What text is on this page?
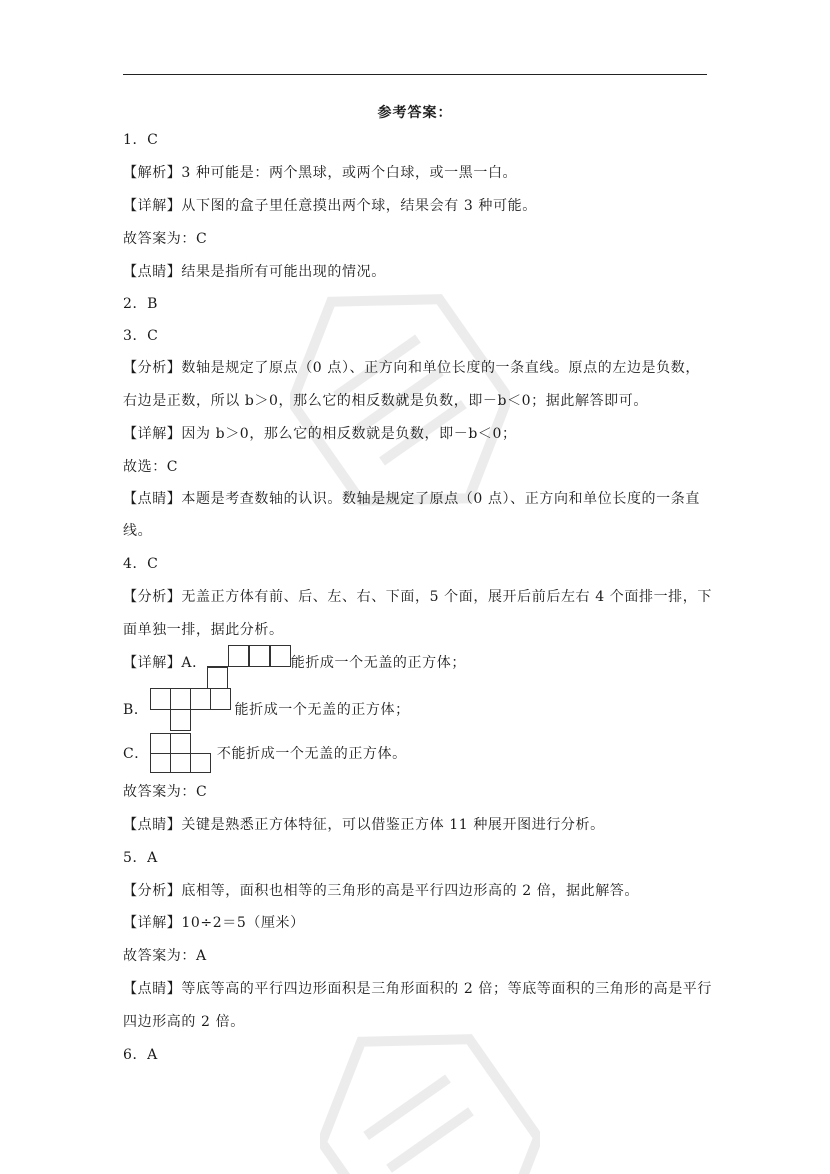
参考答案：
1．C
【解析】3 种可能是：两个黑球，或两个白球，或一黑一白。
【详解】从下图的盒子里任意摸出两个球，结果会有 3 种可能。
故答案为：C
【点睛】结果是指所有可能出现的情况。
2．B
3．C
【分析】数轴是规定了原点（0 点）、正方向和单位长度的一条直线。原点的左边是负数，
右边是正数，所以 b＞0，那么它的相反数就是负数，即－b＜0；据此解答即可。
【详解】因为 b＞0，那么它的相反数就是负数，即－b＜0；
故选：C
【点睛】本题是考查数轴的认识。数轴是规定了原点（0 点）、正方向和单位长度的一条直
线。
4．C
【分析】无盖正方体有前、后、左、右、下面，5 个面，展开后前后左右 4 个面排一排，下
面单独一排，据此分析。
【详解】A．	能折成一个无盖的正方体；
B．	能折成一个无盖的正方体；
C．	不能折成一个无盖的正方体。
故答案为：C
【点睛】关键是熟悉正方体特征，可以借鉴正方体 11 种展开图进行分析。
5．A
【分析】底相等，面积也相等的三角形的高是平行四边形高的 2 倍，据此解答。
【详解】10÷2＝5（厘米）
故答案为：A
【点睛】等底等高的平行四边形面积是三角形面积的 2 倍；等底等面积的三角形的高是平行
四边形高的 2 倍。
6．A
